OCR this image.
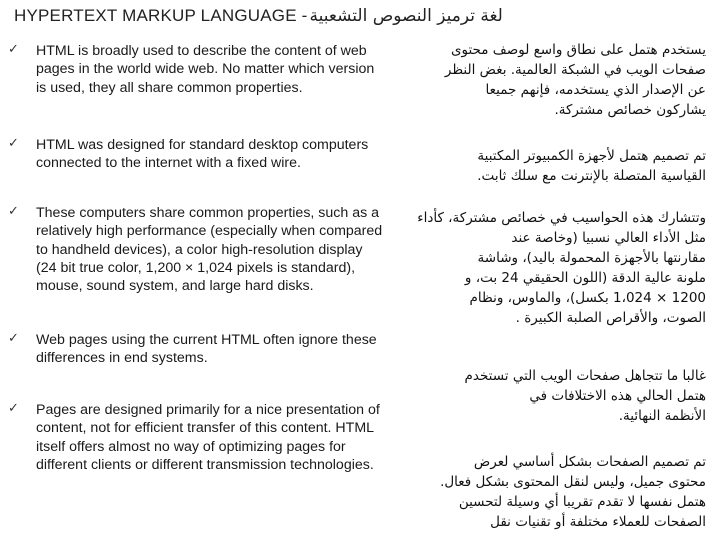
HYPERTEXT MARKUP LANGUAGE - لغة ترميز النصوص التشعبية
✓ HTML is broadly used to describe the content of web
pages in the world wide web. No matter which version
is used, they all share common properties.
✓ HTML was designed for standard desktop computers
connected to the internet with a fixed wire.
✓ These computers share common properties, such as a
relatively high performance (especially when compared
to handheld devices), a color high-resolution display
(24 bit true color, 1,200 × 1,024 pixels is standard),
mouse, sound system, and large hard disks.
✓ Web pages using the current HTML often ignore these
differences in end systems.
✓ Pages are designed primarily for a nice presentation of
content, not for efficient transfer of this content. HTML
itself offers almost no way of optimizing pages for
different clients or different transmission technologies.
يستخدم هتمل على نطاق واسع لوصف محتوى
صفحات الويب في الشبكة العالمية. بغض النظر
عن الإصدار الذي يستخدمه، فإنهم جميعا
يشاركون خصائص مشتركة.
تم تصميم هتمل لأجهزة الكمبيوتر المكتبية
القياسية المتصلة بالإنترنت مع سلك ثابت.
وتتشارك هذه الحواسيب في خصائص مشتركة، كأداء
مثل الأداء العالي نسبيا (وخاصة عند
مقارنتها بالأجهزة المحمولة باليد)، وشاشة
ملونة عالية الدقة (اللون الحقيقي 24 بت، و
1200 × 1،024 بكسل)، والماوس، ونظام
الصوت، والأقراص الصلبة الكبيرة .
غالبا ما تتجاهل صفحات الويب التي تستخدم
هتمل الحالي هذه الاختلافات في
الأنظمة النهائية.
تم تصميم الصفحات بشكل أساسي لعرض
محتوى جميل، وليس لنقل المحتوى بشكل فعال.
هتمل نفسها لا تقدم تقريبا أي وسيلة لتحسين
الصفحات للعملاء مختلفة أو تقنيات نقل
